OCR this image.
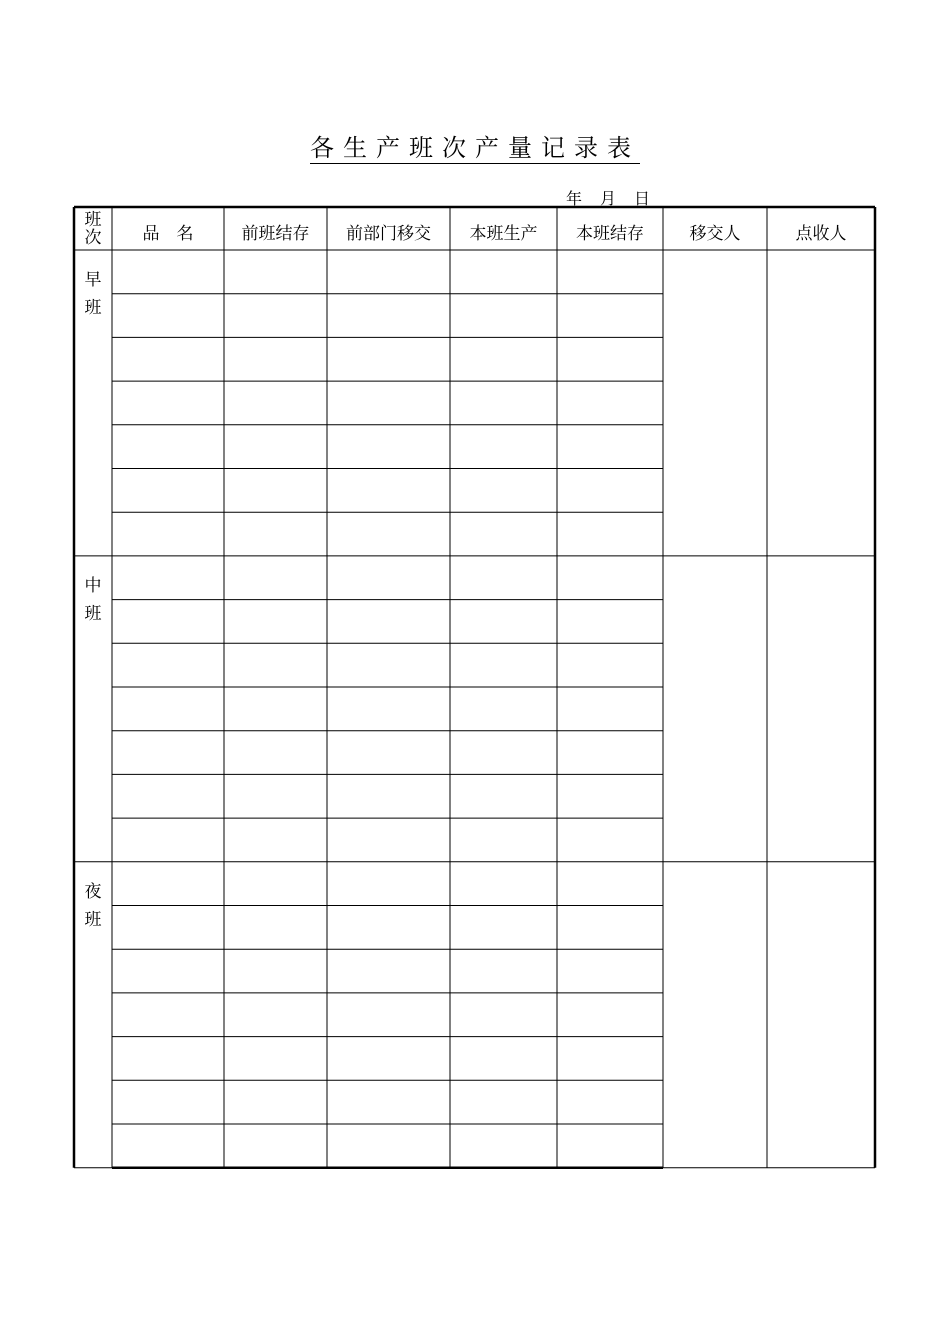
各生产班次产量记录表
年　月　日
班
次	品　名	前班结存	前部门移交	本班生产	本班结存	移交人	点收人
早
班
中
班
夜
班
